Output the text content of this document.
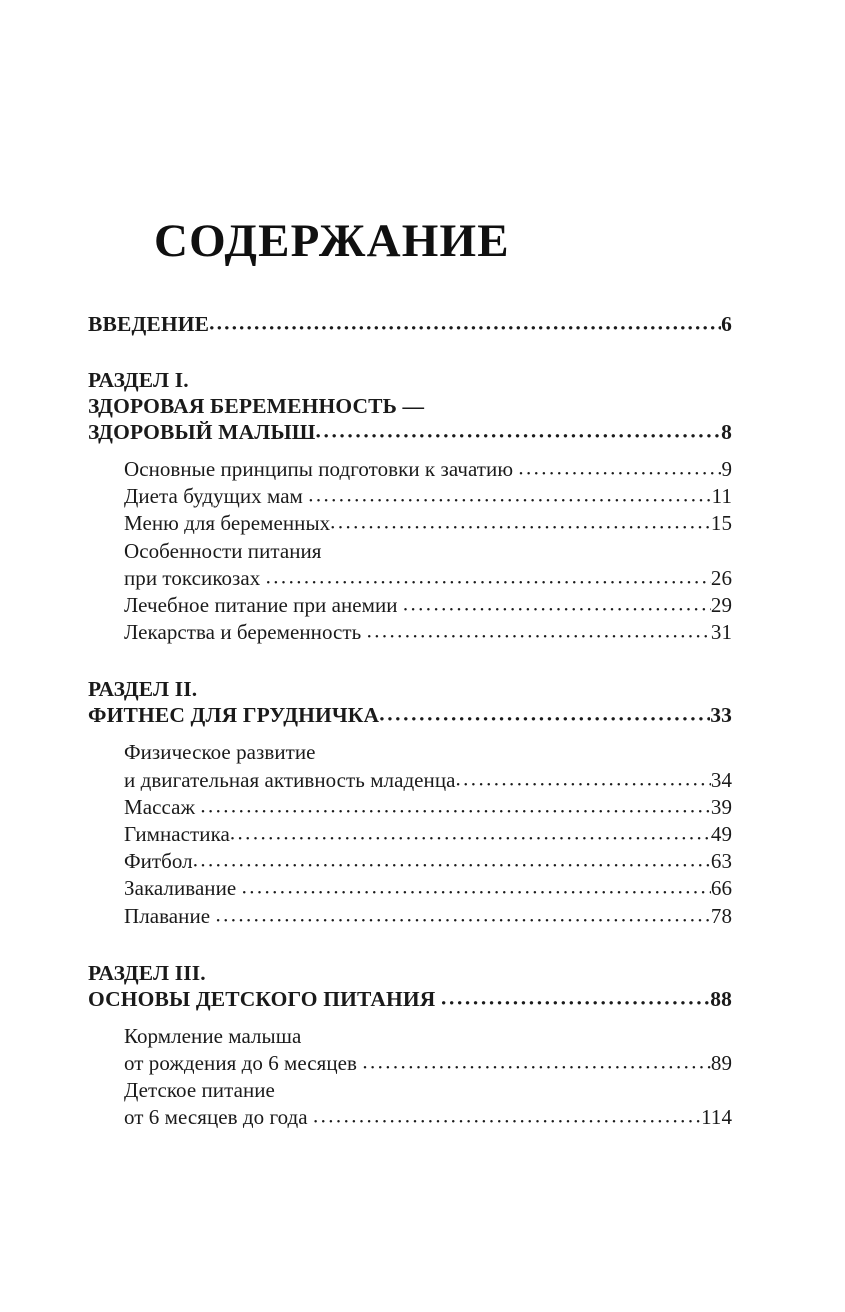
СОДЕРЖАНИЕ
ВВЕДЕНИЕ .....	6
РАЗДЕЛ I.
ЗДОРОВАЯ БЕРЕМЕННОСТЬ —
ЗДОРОВЫЙ МАЛЫШ .....	8
Основные принципы подготовки к зачатию .....	9
Диета будущих мам .....	11
Меню для беременных .....	15
Особенности питания
при токсикозах .....	26
Лечебное питание при анемии .....	29
Лекарства и беременность .....	31
РАЗДЕЛ II.
ФИТНЕС ДЛЯ ГРУДНИЧКА .....	33
Физическое развитие
и двигательная активность младенца .....	34
Массаж .....	39
Гимнастика .....	49
Фитбол .....	63
Закаливание .....	66
Плавание .....	78
РАЗДЕЛ III.
ОСНОВЫ ДЕТСКОГО ПИТАНИЯ .....	88
Кормление малыша
от рождения до 6 месяцев .....	89
Детское питание
от 6 месяцев до года .....	114
